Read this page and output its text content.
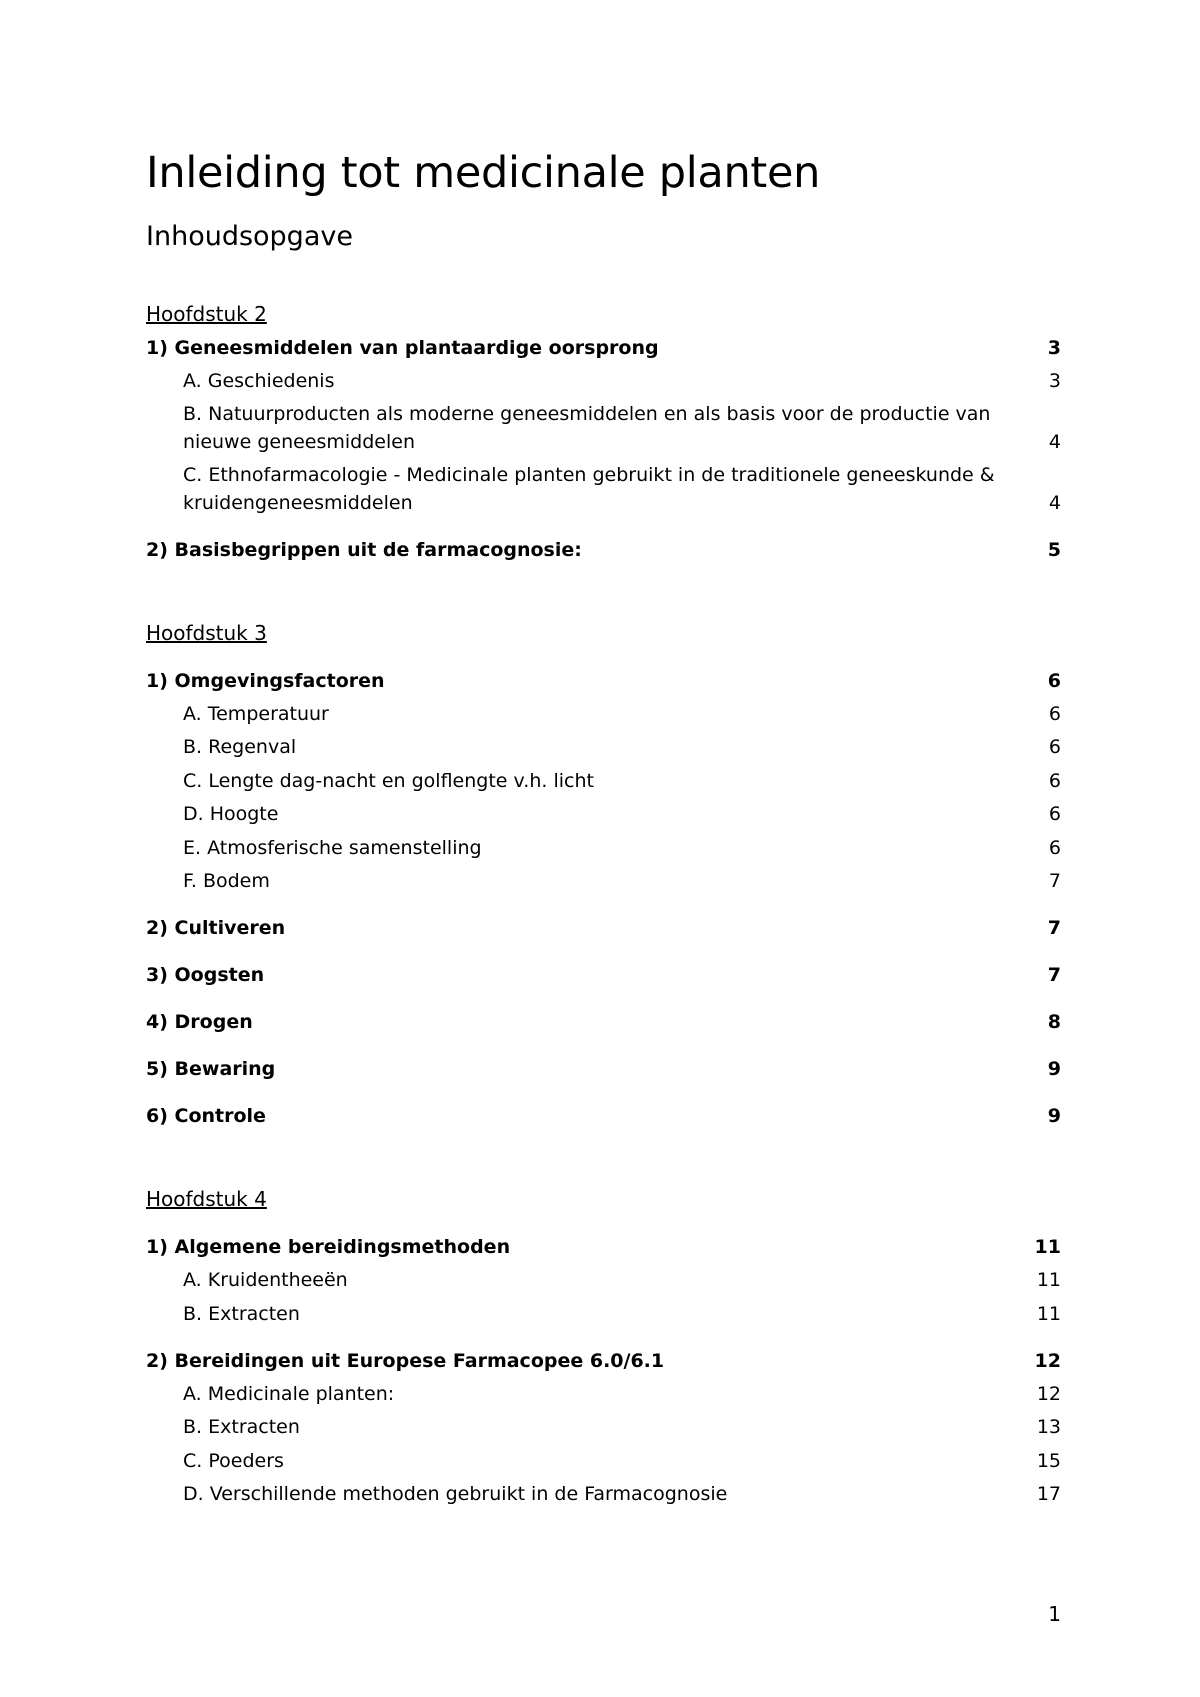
Inleiding tot medicinale planten
Inhoudsopgave
Hoofdstuk 2
1) Geneesmiddelen van plantaardige oorsprong	3
A. Geschiedenis	3
B. Natuurproducten als moderne geneesmiddelen en als basis voor de productie van nieuwe geneesmiddelen	4
C. Ethnofarmacologie - Medicinale planten gebruikt in de traditionele geneeskunde & kruidengeneesmiddelen	4
2) Basisbegrippen uit de farmacognosie:	5
Hoofdstuk 3
1) Omgevingsfactoren	6
A. Temperatuur	6
B. Regenval	6
C. Lengte dag-nacht en golflengte v.h. licht	6
D. Hoogte	6
E. Atmosferische samenstelling	6
F. Bodem	7
2) Cultiveren	7
3) Oogsten	7
4) Drogen	8
5) Bewaring	9
6) Controle	9
Hoofdstuk 4
1) Algemene bereidingsmethoden	11
A. Kruidentheeën	11
B. Extracten	11
2) Bereidingen uit Europese Farmacopee 6.0/6.1	12
A. Medicinale planten:	12
B. Extracten	13
C. Poeders	15
D. Verschillende methoden gebruikt in de Farmacognosie	17
1
